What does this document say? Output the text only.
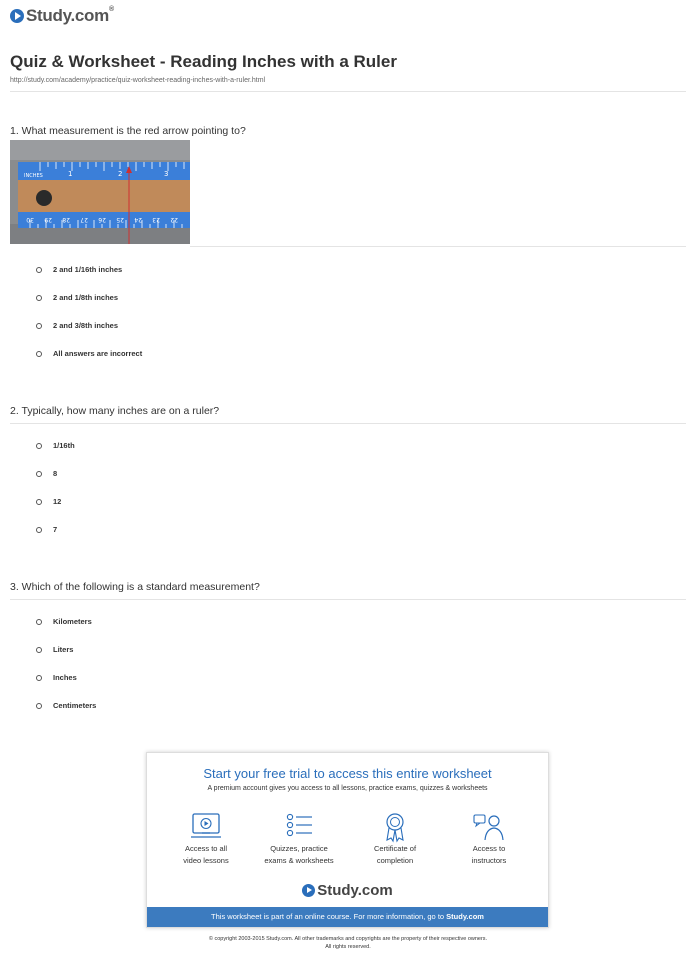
Study.com®
Quiz & Worksheet - Reading Inches with a Ruler
http://study.com/academy/practice/quiz-worksheet-reading-inches-with-a-ruler.html
1. What measurement is the red arrow pointing to?
INCHES	1	2	3
22
23
24
25
26
27
28
29
30
2 and 1/16th inches
2 and 1/8th inches
2 and 3/8th inches
All answers are incorrect
2. Typically, how many inches are on a ruler?
1/16th
8
12
7
3. Which of the following is a standard measurement?
Kilometers
Liters
Inches
Centimeters
Start your free trial to access this entire worksheet
A premium account gives you access to all lessons, practice exams, quizzes & worksheets
Access to all
video lessons
Quizzes, practice
exams & worksheets
Certificate of
completion
Access to
instructors
Study.com
This worksheet is part of an online course. For more information, go to Study.com
© copyright 2003-2015 Study.com. All other trademarks and copyrights are the property of their respective owners.
All rights reserved.
